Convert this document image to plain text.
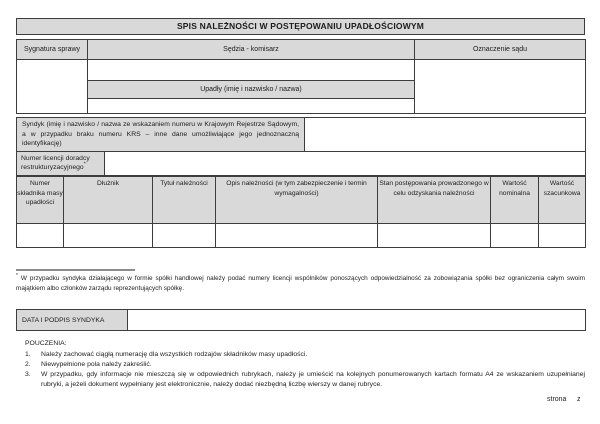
SPIS NALEŻNOŚCI W POSTĘPOWANIU UPADŁOŚCIOWYM
Sygnatura sprawy	Sędzia - komisarz	Oznaczenie sądu

	Upadły (imię i nazwisko / nazwa)	

Syndyk (imię i nazwisko / nazwa ze wskazaniem numeru w Krajowym Rejestrze Sądowym, a w przypadku braku numeru KRS – inne dane umożliwiające jego jednoznaczną identyfikację)	
Numer licencji doradcy restrukturyzacyjnego*	
Numer składnika masy upadłości	Dłużnik	Tytuł należności	Opis należności (w tym zabezpieczenie i termin wymagalności)	Stan postępowania prowadzonego w celu odzyskania należności	Wartość nominalna	Wartość szacunkowa

* W przypadku syndyka działającego w formie spółki handlowej należy podać numery licencji wspólników ponoszących odpowiedzialność za zobowiązania spółki bez ograniczenia całym swoim majątkiem albo członków zarządu reprezentujących spółkę.
DATA I PODPIS SYNDYKA	
POUCZENIA:
1.	Należy zachować ciągłą numerację dla wszystkich rodzajów składników masy upadłości.
2.	Niewypełnione pola należy zakreślić.
3.	W przypadku, gdy informacje nie mieszczą się w odpowiednich rubrykach, należy je umieścić na kolejnych ponumerowanych kartach formatu A4 ze wskazaniem uzupełnianej rubryki, a jeżeli dokument wypełniany jest elektronicznie, należy dodać niezbędną liczbę wierszy w danej rubryce.
strona z
